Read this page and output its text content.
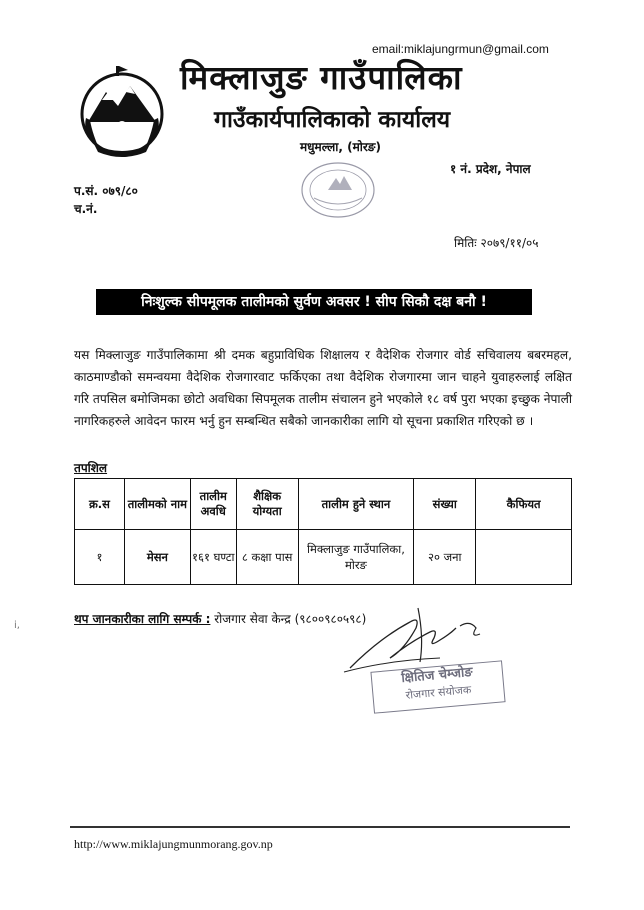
email:miklajungrmun@gmail.com
मिक्लाजुङ गाउँपालिका
गाउँकार्यपालिकाको कार्यालय
मधुमल्ला, (मोरङ)
१ नं. प्रदेश, नेपाल
प.सं. ०७९/८०
च.नं.
मितिः २०७९/११/०५
निःशुल्क सीपमूलक तालीमको सुर्वण अवसर ! सीप सिकौ दक्ष बनौ !
यस मिक्लाजुङ गाउँपालिकामा श्री दमक बहुप्राविधिक शिक्षालय र वैदेशिक रोजगार वोर्ड सचिवालय बबरमहल, काठमाण्डौको समन्वयमा वैदेशिक रोजगारवाट फर्किएका तथा वैदेशिक रोजगारमा जान चाहने युवाहरुलाई लक्षित गरि तपसिल बमोजिमका छोटो अवधिका सिपमूलक तालीम संचालन हुने भएकोले १८ वर्ष पुरा भएका इच्छुक नेपाली नागरिकहरुले आवेदन फारम भर्नु हुन सम्बन्धित सबैको जानकारीका लागि यो सूचना प्रकाशित गरिएको छ ।
तपशिल
क्र.स	तालीमको नाम	तालीम अवधि	शैक्षिक योग्यता	तालीम हुने स्थान	संख्या	कैफियत
१	मेसन	१६१ घण्टा	८ कक्षा पास	मिक्लाजुङ गाउँपालिका, मोरङ	२० जना	
थप जानकारीका लागि सम्पर्क : रोजगार सेवा केन्द्र (९८००९८०५९८)
क्षितिज चेम्जोङ
रोजगार संयोजक
i,
http://www.miklajungmunmorang.gov.np
